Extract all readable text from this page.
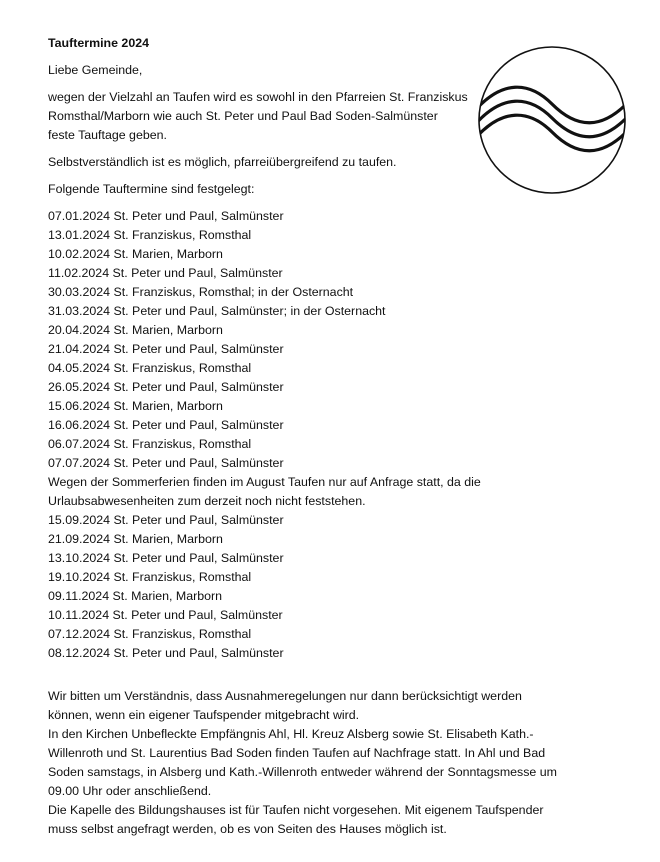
Tauftermine 2024

Liebe Gemeinde,

wegen der Vielzahl an Taufen wird es sowohl in den Pfarreien St. Franziskus Romsthal/Marborn wie auch St. Peter und Paul Bad Soden-Salmünster feste Tauftage geben.

Selbstverständlich ist es möglich, pfarreiübergreifend zu taufen.

Folgende Tauftermine sind festgelegt:

07.01.2024 St. Peter und Paul, Salmünster

13.01.2024 St. Franziskus, Romsthal

10.02.2024 St. Marien, Marborn

11.02.2024 St. Peter und Paul, Salmünster

30.03.2024 St. Franziskus, Romsthal; in der Osternacht

31.03.2024 St. Peter und Paul, Salmünster; in der Osternacht

20.04.2024 St. Marien, Marborn

21.04.2024 St. Peter und Paul, Salmünster

04.05.2024 St. Franziskus, Romsthal

26.05.2024 St. Peter und Paul, Salmünster

15.06.2024 St. Marien, Marborn

16.06.2024 St. Peter und Paul, Salmünster

06.07.2024 St. Franziskus, Romsthal

07.07.2024 St. Peter und Paul, Salmünster

Wegen der Sommerferien finden im August Taufen nur auf Anfrage statt, da die

Urlaubsabwesenheiten zum derzeit noch nicht feststehen.

15.09.2024 St. Peter und Paul, Salmünster

21.09.2024 St. Marien, Marborn

13.10.2024 St. Peter und Paul, Salmünster

19.10.2024 St. Franziskus, Romsthal

09.11.2024 St. Marien, Marborn

10.11.2024 St. Peter und Paul, Salmünster

07.12.2024 St. Franziskus, Romsthal

08.12.2024 St. Peter und Paul, Salmünster

Wir bitten um Verständnis, dass Ausnahmeregelungen nur dann berücksichtigt werden

können, wenn ein eigener Taufspender mitgebracht wird.

In den Kirchen Unbefleckte Empfängnis Ahl, Hl. Kreuz Alsberg sowie St. Elisabeth Kath.-

Willenroth und St. Laurentius Bad Soden finden Taufen auf Nachfrage statt. In Ahl und Bad

Soden samstags, in Alsberg und Kath.-Willenroth entweder während der Sonntagsmesse um

09.00 Uhr oder anschließend.

Die Kapelle des Bildungshauses ist für Taufen nicht vorgesehen. Mit eigenem Taufspender

muss selbst angefragt werden, ob es von Seiten des Hauses möglich ist.
